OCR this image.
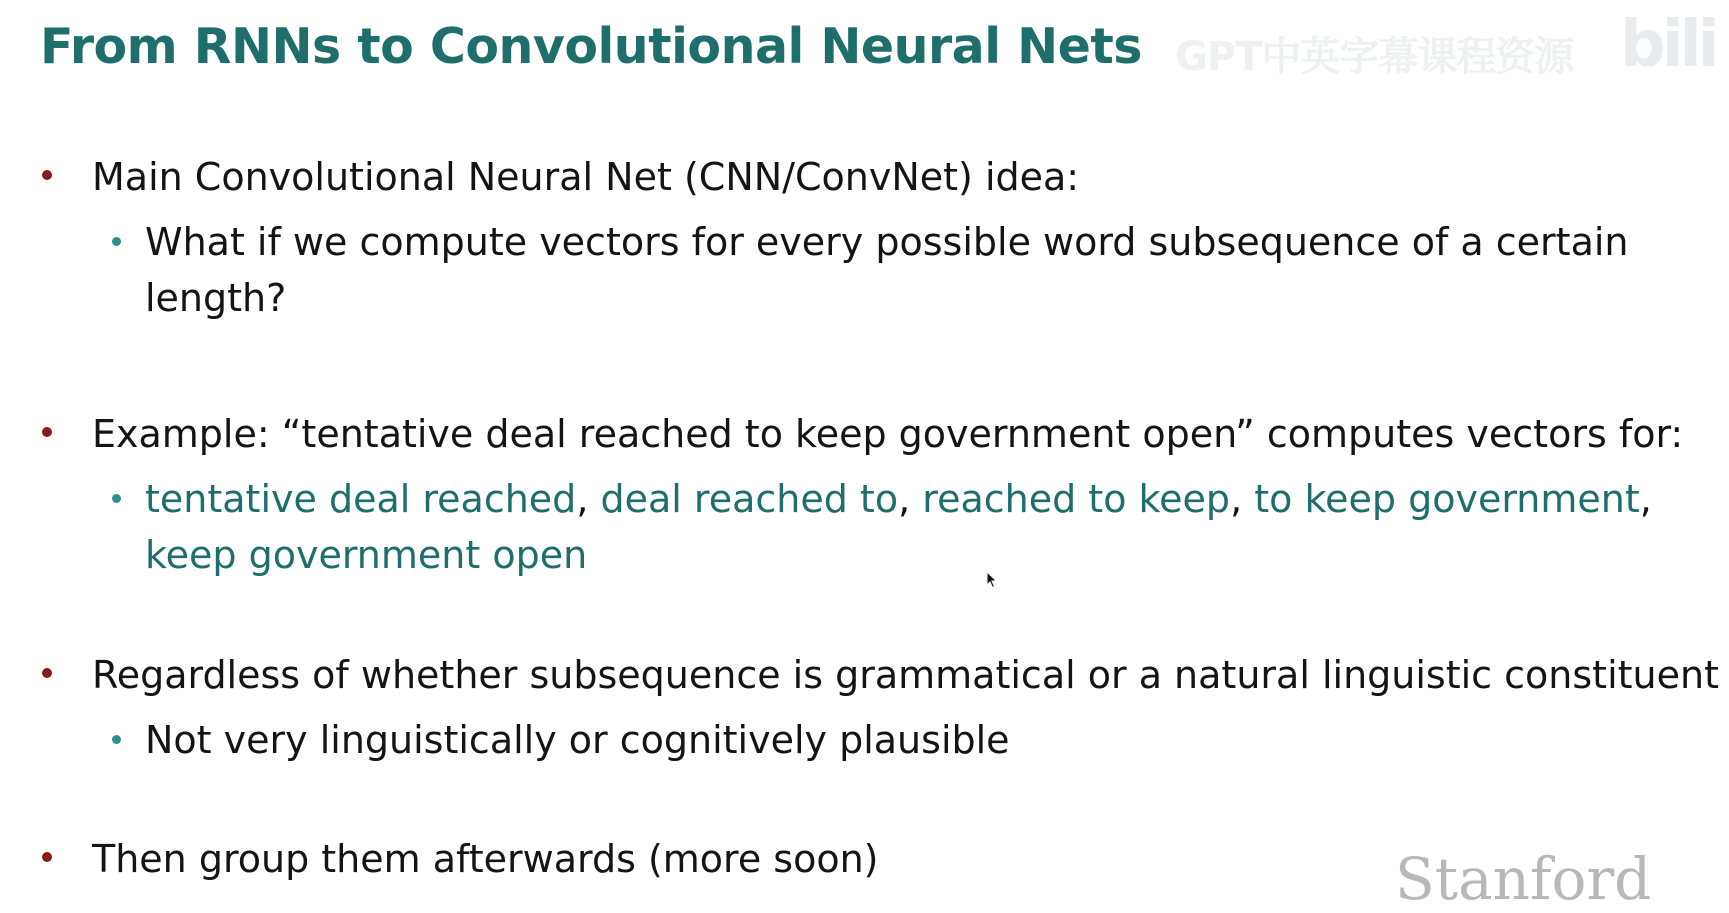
From RNNs to Convolutional Neural Nets GPT中英字幕课程资源 bili
Main Convolutional Neural Net (CNN/ConvNet) idea:
What if we compute vectors for every possible word subsequence of a certain
length?
Example: “tentative deal reached to keep government open” computes vectors for:
tentative deal reached, deal reached to, reached to keep, to keep government,
keep government open
Regardless of whether subsequence is grammatical or a natural linguistic constituent
Not very linguistically or cognitively plausible
Then group them afterwards (more soon)	Stanford
